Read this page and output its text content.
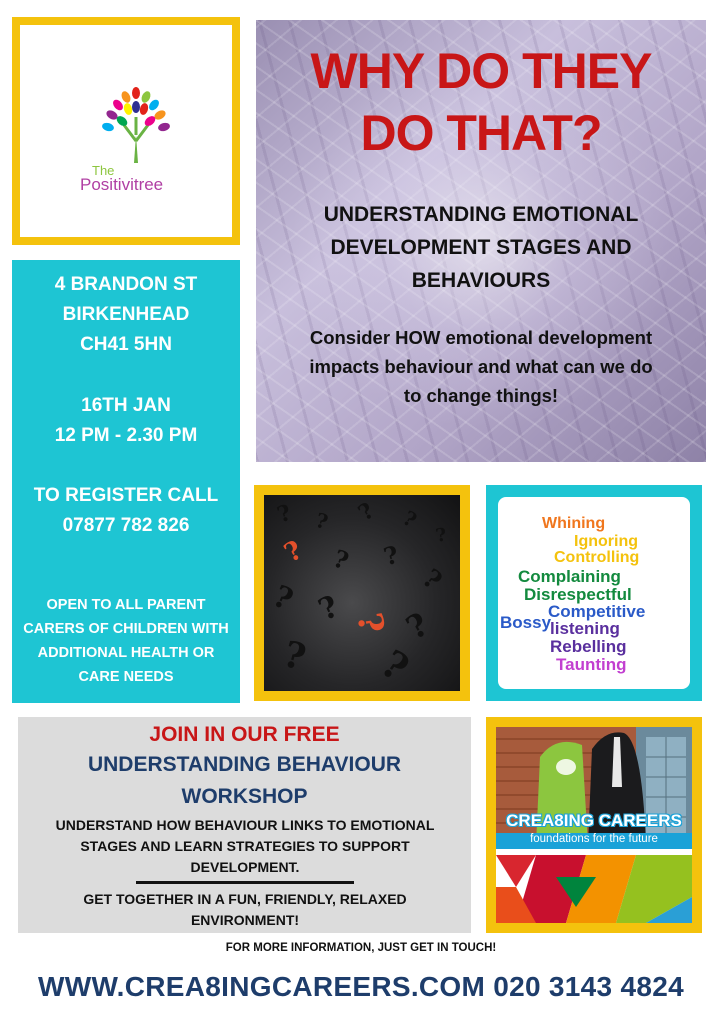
The
Positivitree
WHY DO THEY
DO THAT?
UNDERSTANDING EMOTIONAL
DEVELOPMENT STAGES AND
BEHAVIOURS
Consider HOW emotional development
impacts behaviour and what can we do
to change things!
4 BRANDON ST
BIRKENHEAD
CH41 5HN
16TH JAN
12 PM - 2.30 PM
TO REGISTER CALL
07877 782 826
OPEN TO ALL PARENT
CARERS OF CHILDREN WITH
ADDITIONAL HEALTH OR
CARE NEEDS
? ? ? ?
?
? ? ?
?
? ? ? ?
? ?
Whining
Ignoring
Controlling
Complaining
Disrespectful
Competitive
Bossy
listening
Rebelling
Taunting
JOIN IN OUR FREE
UNDERSTANDING BEHAVIOUR
WORKSHOP
UNDERSTAND HOW BEHAVIOUR LINKS TO EMOTIONAL
STAGES AND LEARN STRATEGIES TO SUPPORT
DEVELOPMENT.
GET TOGETHER IN A FUN, FRIENDLY, RELAXED
ENVIRONMENT!
CREA8ING CAREERS
foundations for the future
FOR MORE INFORMATION, JUST GET IN TOUCH!
WWW.CREA8INGCAREERS.COM 020 3143 4824
